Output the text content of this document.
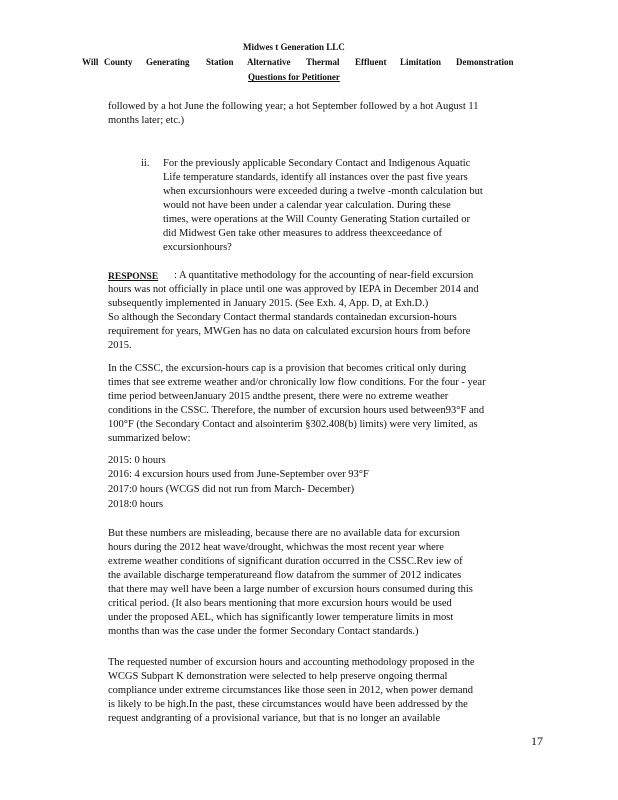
Midwes t Generation LLC
Will County Generating Station Alternative Thermal Effluent Limitation Demonstration
Questions for Petitioner
followed by a hot June the following year; a hot September followed by a hot August 11
months later; etc.)
ii. For the previously applicable Secondary Contact and Indigenous Aquatic
Life temperature standards, identify all instances over the past five years
when excursionhours were exceeded during a twelve -month calculation but
would not have been under a calendar year calculation. During these
times, were operations at the Will County Generating Station curtailed or
did Midwest Gen take other measures to address theexceedance of
excursionhours?
RESPONSE	: A quantitative methodology for the accounting of near-field excursion
hours was not officially in place until one was approved by IEPA in December 2014 and
subsequently implemented in January 2015. (See Exh. 4, App. D, at Exh.D.)
So although the Secondary Contact thermal standards containedan excursion-hours
requirement for years, MWGen has no data on calculated excursion hours from before
2015.
In the CSSC, the excursion-hours cap is a provision that becomes critical only during
times that see extreme weather and/or chronically low flow conditions. For the four - year
time period betweenJanuary 2015 andthe present, there were no extreme weather
conditions in the CSSC. Therefore, the number of excursion hours used between93°F and
100°F (the Secondary Contact and alsointerim §302.408(b) limits) were very limited, as
summarized below:
2015: 0 hours
2016: 4 excursion hours used from June-September over 93°F
2017:0 hours (WCGS did not run from March- December)
2018:0 hours
But these numbers are misleading, because there are no available data for excursion
hours during the 2012 heat wave/drought, whichwas the most recent year where
extreme weather conditions of significant duration occurred in the CSSC.Rev iew of
the available discharge temperatureand flow datafrom the summer of 2012 indicates
that there may well have been a large number of excursion hours consumed during this
critical period. (It also bears mentioning that more excursion hours would be used
under the proposed AEL, which has significantly lower temperature limits in most
months than was the case under the former Secondary Contact standards.)
The requested number of excursion hours and accounting methodology proposed in the
WCGS Subpart K demonstration were selected to help preserve ongoing thermal
compliance under extreme circumstances like those seen in 2012, when power demand
is likely to be high.In the past, these circumstances would have been addressed by the
request andgranting of a provisional variance, but that is no longer an available
17
